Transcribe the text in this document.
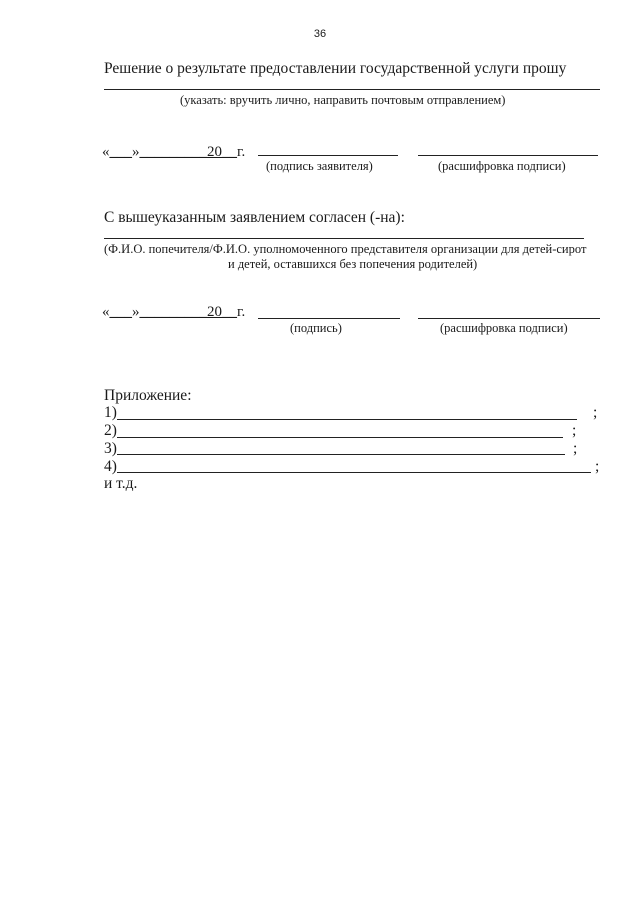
36
Решение о результате предоставлении государственной услуги прошу
(указать: вручить лично, направить почтовым отправлением)
«___»_________20__г.
(подпись заявителя)	(расшифровка подписи)
С вышеуказанным заявлением согласен (-на):
(Ф.И.О. попечителя/Ф.И.О. уполномоченного представителя организации для детей-сирот
и детей, оставшихся без попечения родителей)
«___»_________20__г.
(подпись)	(расшифровка подписи)
Приложение:
1)	;
2)	;
3)	;
4)	;
и т.д.
